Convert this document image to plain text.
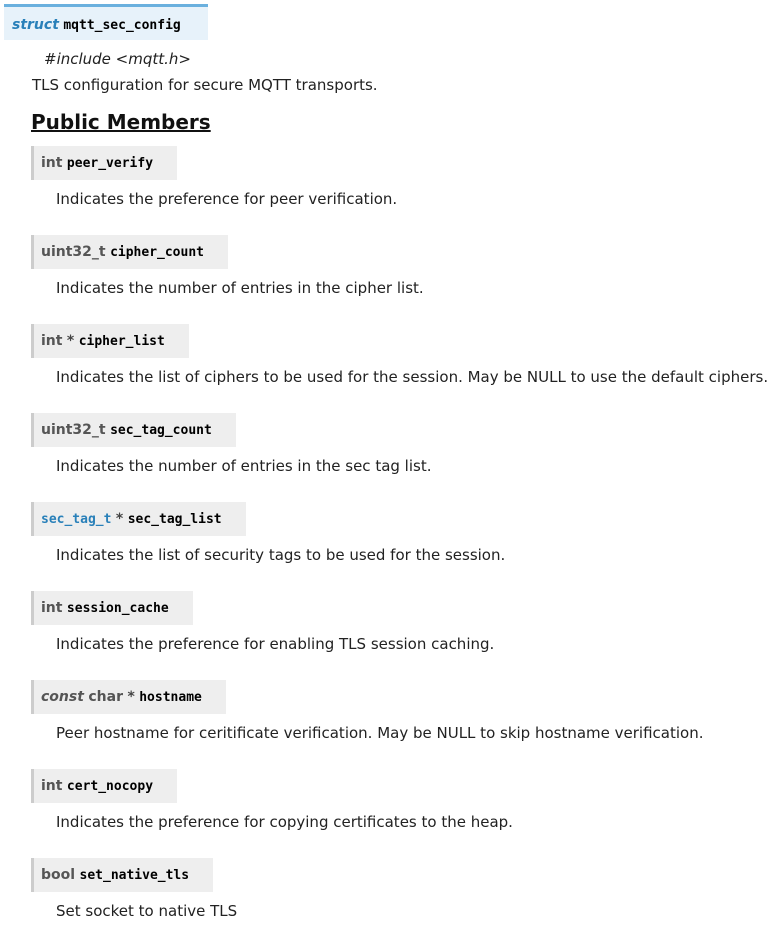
struct mqtt_sec_config
#include <mqtt.h>
TLS configuration for secure MQTT transports.
Public Members
int peer_verify
Indicates the preference for peer verification.
uint32_t cipher_count
Indicates the number of entries in the cipher list.
int * cipher_list
Indicates the list of ciphers to be used for the session. May be NULL to use the default ciphers.
uint32_t sec_tag_count
Indicates the number of entries in the sec tag list.
sec_tag_t * sec_tag_list
Indicates the list of security tags to be used for the session.
int session_cache
Indicates the preference for enabling TLS session caching.
const char * hostname
Peer hostname for ceritificate verification. May be NULL to skip hostname verification.
int cert_nocopy
Indicates the preference for copying certificates to the heap.
bool set_native_tls
Set socket to native TLS
